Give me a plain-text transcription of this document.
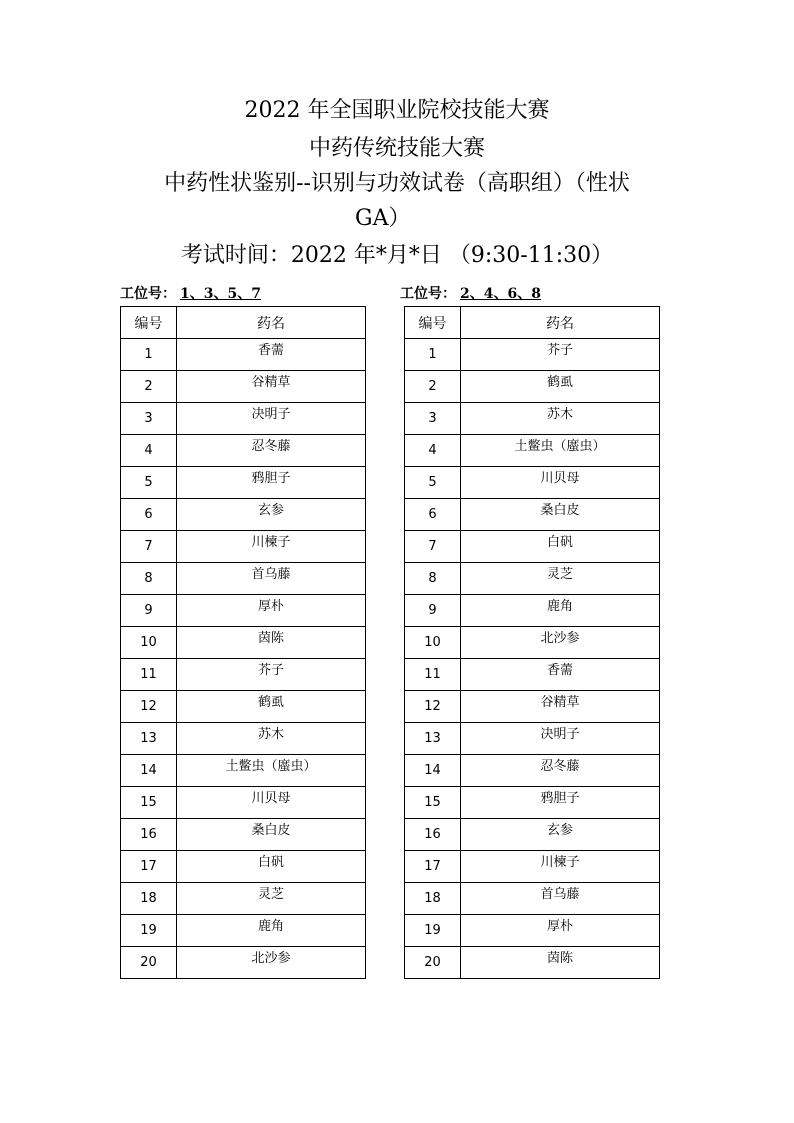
2022 年全国职业院校技能大赛
中药传统技能大赛
中药性状鉴别--识别与功效试卷（高职组）（性状
GA）
考试时间：2022 年*月*日 （9:30-11:30）
工位号： 1、3、5、7	工位号： 2、4、6、8
编号	药名
1	香薷
2	谷精草
3	决明子
4	忍冬藤
5	鸦胆子
6	玄参
7	川楝子
8	首乌藤
9	厚朴
10	茵陈
11	芥子
12	鹤虱
13	苏木
14	土鳖虫（䗪虫）
15	川贝母
16	桑白皮
17	白矾
18	灵芝
19	鹿角
20	北沙参
编号	药名
1	芥子
2	鹤虱
3	苏木
4	土鳖虫（䗪虫）
5	川贝母
6	桑白皮
7	白矾
8	灵芝
9	鹿角
10	北沙参
11	香薷
12	谷精草
13	决明子
14	忍冬藤
15	鸦胆子
16	玄参
17	川楝子
18	首乌藤
19	厚朴
20	茵陈
